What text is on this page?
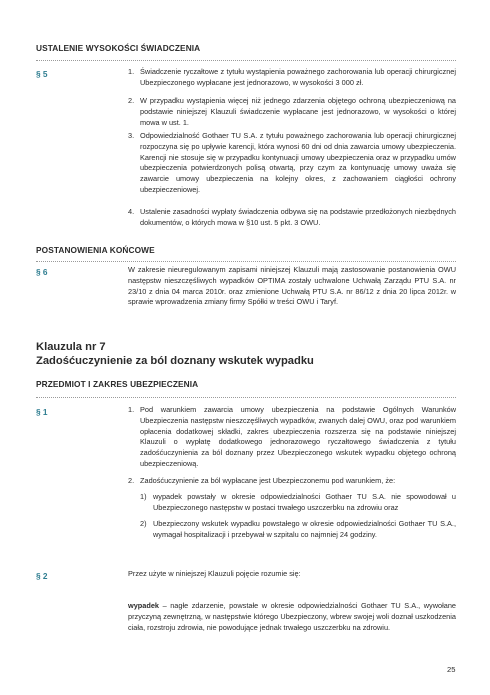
USTALENIE WYSOKOŚCI ŚWIADCZENIA
§ 5	1. Świadczenie ryczałtowe z tytułu wystąpienia poważnego zachorowania lub operacji chirurgicznej Ubezpieczonego wypłacane jest jednorazowo, w wysokości 3 000 zł.
2. W przypadku wystąpienia więcej niż jednego zdarzenia objętego ochroną ubezpieczeniową na podstawie niniejszej Klauzuli świadczenie wypłacane jest jednorazowo, w wysokości o której mowa w ust. 1.
3. Odpowiedzialność Gothaer TU S.A. z tytułu poważnego zachorowania lub operacji chirurgicznej rozpoczyna się po upływie karencji, która wynosi 60 dni od dnia zawarcia umowy ubezpieczenia. Karencji nie stosuje się w przypadku kontynuacji umowy ubezpieczenia oraz w przypadku umów ubezpieczenia potwierdzonych polisą otwartą, przy czym za kontynuację umowy uważa się zawarcie umowy ubezpieczenia na kolejny okres, z zachowaniem ciągłości ochrony ubezpieczeniowej.
4. Ustalenie zasadności wypłaty świadczenia odbywa się na podstawie przedłożonych niezbędnych dokumentów, o których mowa w §10 ust. 5 pkt. 3 OWU.
POSTANOWIENIA KOŃCOWE
§ 6	W zakresie nieuregulowanym zapisami niniejszej Klauzuli mają zastosowanie postanowienia OWU następstw nieszczęśliwych wypadków OPTIMA zostały uchwalone Uchwałą Zarządu PTU S.A. nr 23/10 z dnia 04 marca 2010r. oraz zmienione Uchwałą PTU S.A. nr 86/12 z dnia 20 lipca 2012r. w sprawie wprowadzenia zmiany firmy Spółki w treści OWU i Taryf.
Klauzula nr 7
Zadośćuczynienie za ból doznany wskutek wypadku
PRZEDMIOT I ZAKRES UBEZPIECZENIA
§ 1	1. Pod warunkiem zawarcia umowy ubezpieczenia na podstawie Ogólnych Warunków Ubezpieczenia następstw nieszczęśliwych wypadków, zwanych dalej OWU, oraz pod warunkiem opłacenia dodatkowej składki, zakres ubezpieczenia rozszerza się na podstawie niniejszej Klauzuli o wypłatę dodatkowego jednorazowego ryczałtowego świadczenia z tytułu zadośćuczynienia za ból doznany przez Ubezpieczonego wskutek wypadku objętego ochroną ubezpieczeniową.
2. Zadośćuczynienie za ból wypłacane jest Ubezpieczonemu pod warunkiem, że:
1) wypadek powstały w okresie odpowiedzialności Gothaer TU S.A. nie spowodował u Ubezpieczonego następstw w postaci trwałego uszczerbku na zdrowiu oraz
2) Ubezpieczony wskutek wypadku powstałego w okresie odpowiedzialności Gothaer TU S.A., wymagał hospitalizacji i przebywał w szpitalu co najmniej 24 godziny.
§ 2	Przez użyte w niniejszej Klauzuli pojęcie rozumie się:
wypadek – nagłe zdarzenie, powstałe w okresie odpowiedzialności Gothaer TU S.A., wywołane przyczyną zewnętrzną, w następstwie którego Ubezpieczony, wbrew swojej woli doznał uszkodzenia ciała, rozstroju zdrowia, nie powodujące jednak trwałego uszczerbku na zdrowiu.
25
